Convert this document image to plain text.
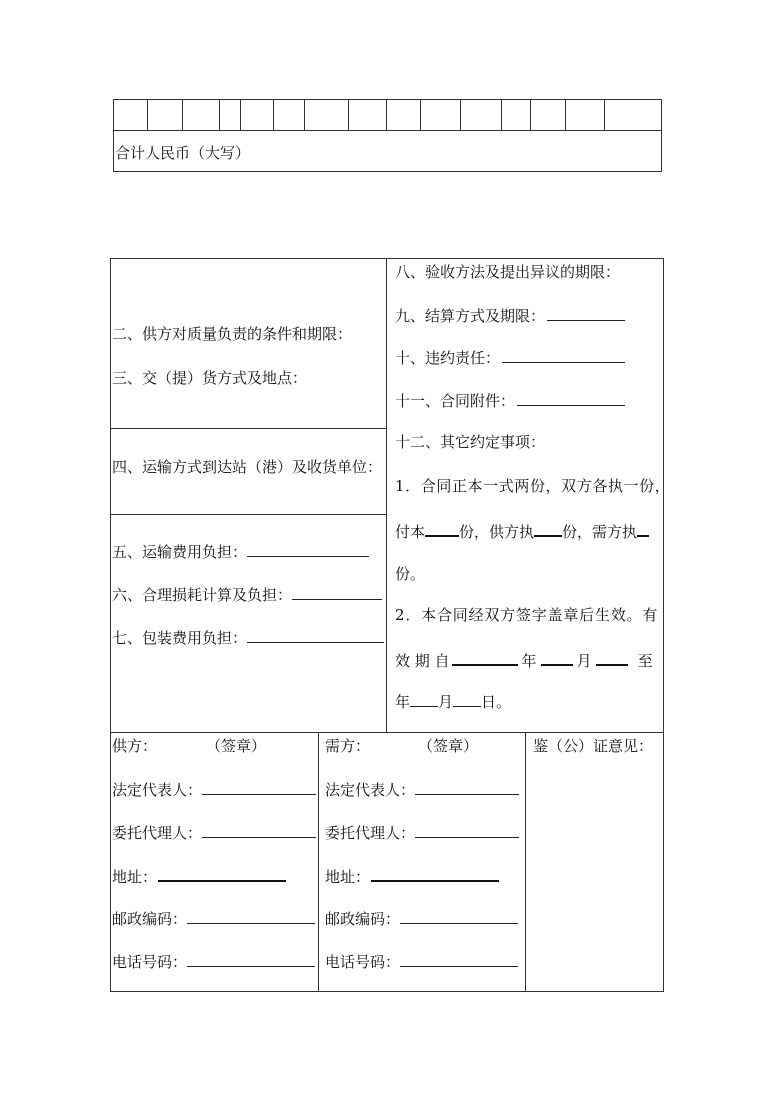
合计人民币（大写）
二、供方对质量负责的条件和期限：
三、交（提）货方式及地点：
四、运输方式到达站（港）及收货单位：
五、运输费用负担：
六、合理损耗计算及负担：
七、包装费用负担：
八、验收方法及提出异议的期限：
九、结算方式及期限：
十、违约责任：
十一、合同附件：
十二、其它约定事项：
1．合同正本一式两份，双方各执一份，
付本 份，供方执 份，需方执
份。
2．本合同经双方签字盖章后生效。有
效 期 自	年	月	至
年 月 日。
供方：	（签章）
法定代表人：
委托代理人：
地址：
邮政编码：
电话号码：
需方：	（签章）
法定代表人：
委托代理人：
地址：
邮政编码：
电话号码：
鉴（公）证意见：
